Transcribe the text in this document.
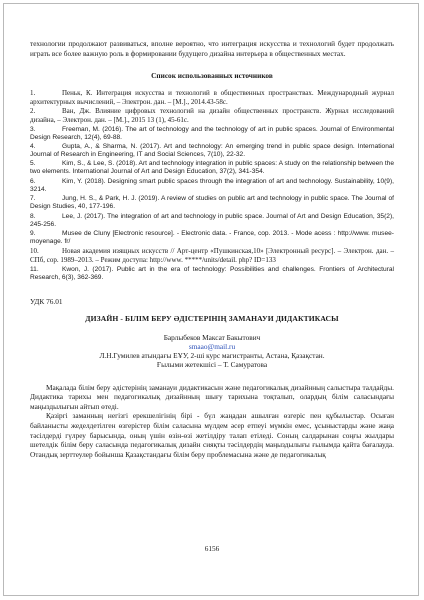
технологии продолжают развиваться, вполне вероятно, что интеграция искусства и технологий будет продолжать играть все более важную роль в формировании будущего дизайна интерьера в общественных местах.

Список использованных источников

1.	Пеньк, К. Интеграция искусства и технологий в общественных пространствах. Международный журнал архитектурных вычислений, – Электрон. дан. – [М.]., 2014.43-58с.

2.	Ван, Дж. Влияние цифровых технологий на дизайн общественных пространств. Журнал исследований дизайна, – Электрон. дан. – [М.]., 2015 13 (1), 45-61с.

3.	Freeman, M. (2016). The art of technology and the technology of art in public spaces. Journal of Environmental Design Research, 12(4), 69-88.

4.	Gupta, A., & Sharma, N. (2017). Art and technology: An emerging trend in public space design. International Journal of Research in Engineering, IT and Social Sciences, 7(10), 22-32.

5.	Kim, S., & Lee, S. (2018). Art and technology integration in public spaces: A study on the relationship between the two elements. International Journal of Art and Design Education, 37(2), 341-354.

6.	Kim, Y. (2018). Designing smart public spaces through the integration of art and technology. Sustainability, 10(9), 3214.

7.	Jung, H. S., & Park, H. J. (2019). A review of studies on public art and technology in public space. The Journal of Design Studies, 40, 177-196.

8.	Lee, J. (2017). The integration of art and technology in public space. Journal of Art and Design Education, 35(2), 245-256.

9.	Musee de Cluny [Electronic resource]. - Electronic data. - France, cop. 2013. - Mode acess : http://www. musee-moyenage. fr/

10.	Новая академия изящных искусств // Арт-центр «Пушкинская,10» [Электронный ресурс]. – Электрон. дан. – СПб, cop. 1989–2013. – Режим доступа: http://www. *****/units/detail. php? ID=133

11.	Kwon, J. (2017). Public art in the era of technology: Possibilities and challenges. Frontiers of Architectural Research, 6(3), 362-369.

УДК 76.01
ДИЗАЙН - БІЛІМ БЕРУ ӘДІСТЕРІНІҢ ЗАМАНАУИ ДИДАКТИКАСЫ

Барлыбеков Максат Бакытович

smaao@mail.ru

Л.Н.Гумилев атындағы ЕҰУ, 2-ші курс магистранты, Астана, Қазақстан.

Ғылыми жетекшісі – Т. Самуратова

Мақалада білім беру әдістерінің заманауи дидактикасын және педагогикалық дизайнның салыстыра талдайды. Дидактика тарихы мен педагогикалық дизайнның шығу тарихына тоқталып, олардың білім саласындағы маңыздылығын айтып өтеді.

Қазіргі заманның негізгі ерекшелігінің бірі - бүл жаңадан ашылған өзгеріс пен құбылыстар. Осыған байланысты жеделдетілген өзгерістер білім саласына мүлдем әсер етпеуі мүмкін емес, ұсыныстарды және жаңа тәсілдерді гүлреу барысында, оның үшін өзін-өзі жетілдіру талап етіледі. Соның салдарынан соңғы жылдары шетелдік білім беру саласында педагогикалық дизайн сияқты тәсілдердің маңыздылығы ғылымда қайта бағалауда. Отандық зерттеулер бойынша Қазақстандағы білім беру проблемасына және де педагогикалық

6156
